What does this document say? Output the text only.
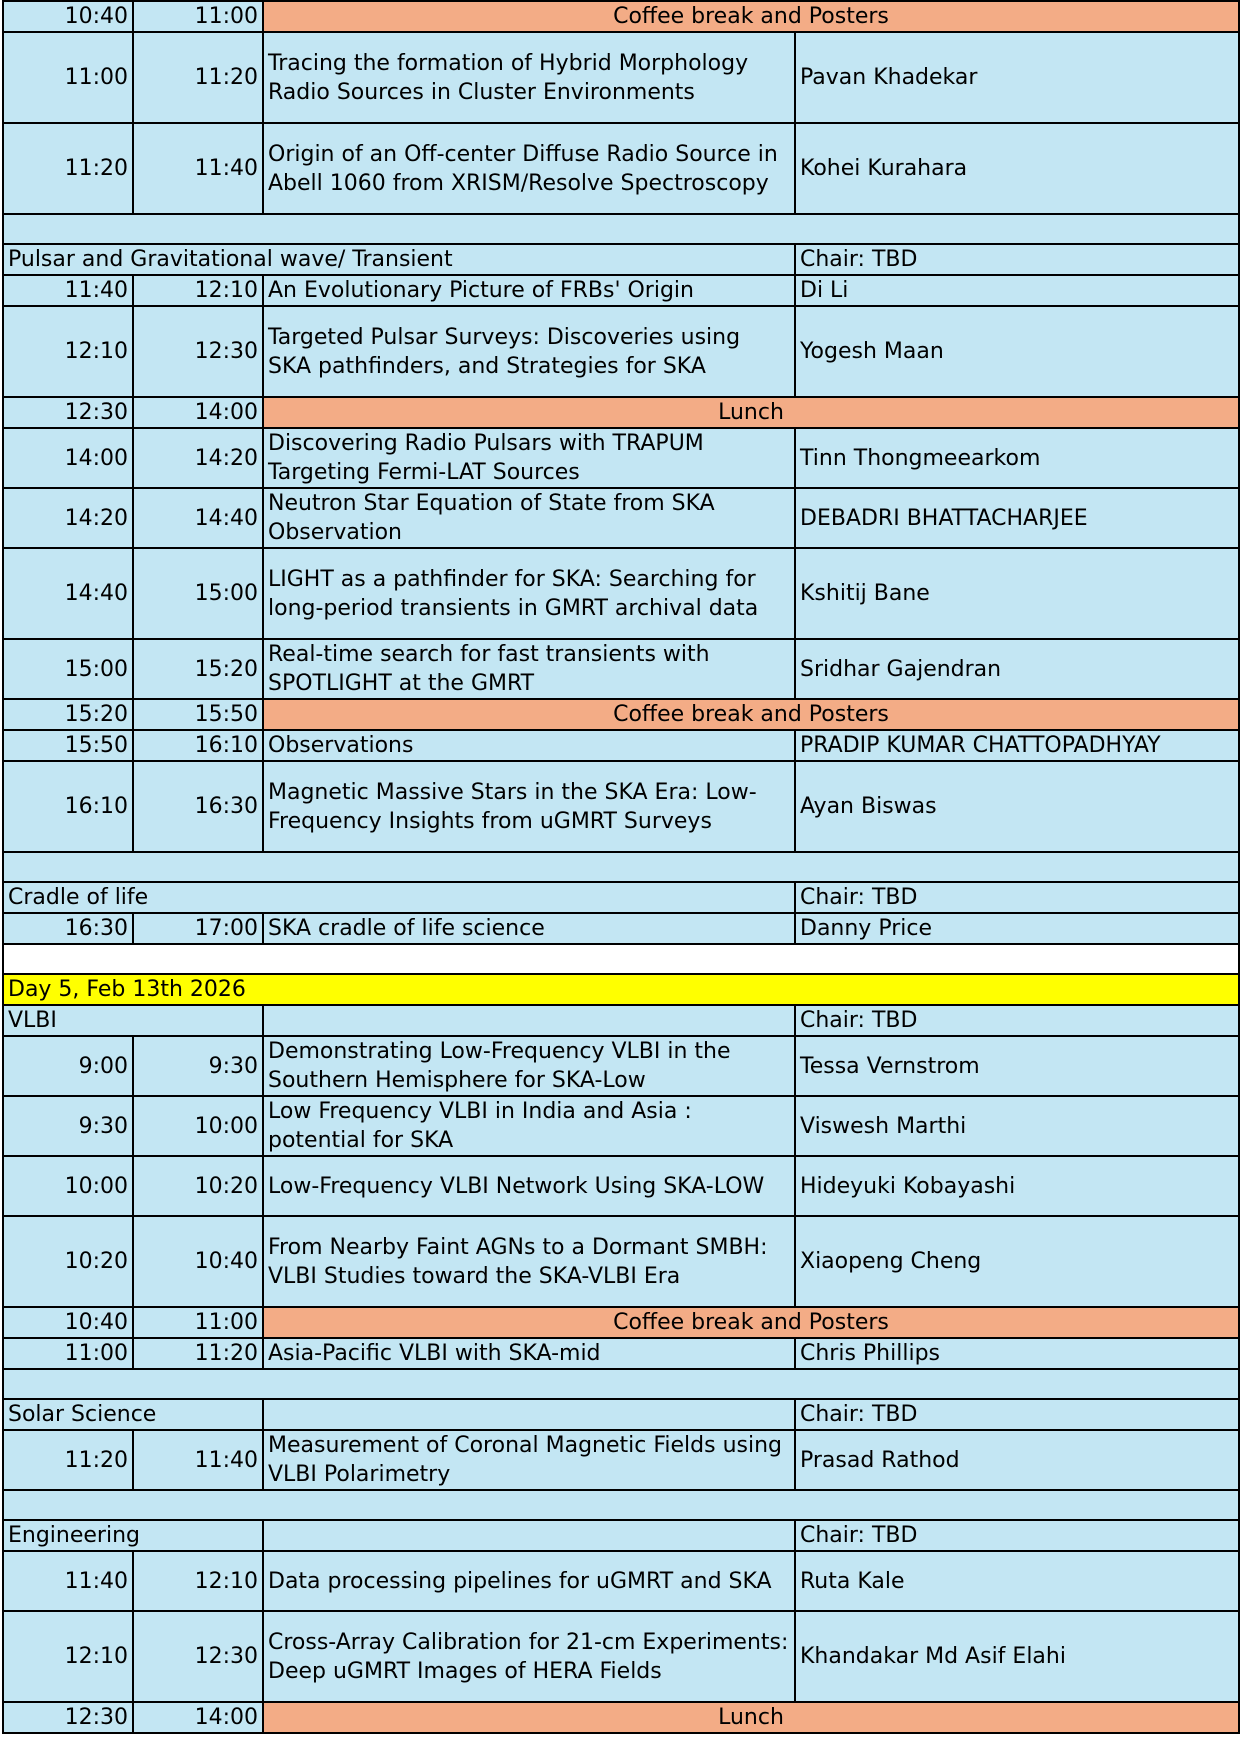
10:40	11:00	Coffee break and Posters	
11:00	11:20	Tracing the formation of Hybrid Morphology Radio Sources in Cluster Environments	Pavan Khadekar
11:20	11:40	Origin of an Off-center Diffuse Radio Source in Abell 1060 from XRISM/Resolve Spectroscopy	Kohei Kurahara

Pulsar and Gravitational wave/ Transient			Chair: TBD
11:40	12:10	An Evolutionary Picture of FRBs' Origin	Di Li
12:10	12:30	Targeted Pulsar Surveys: Discoveries using SKA pathfinders, and Strategies for SKA	Yogesh Maan
12:30	14:00	Lunch	
14:00	14:20	Discovering Radio Pulsars with TRAPUM Targeting Fermi-LAT Sources	Tinn Thongmeearkom
14:20	14:40	Neutron Star Equation of State from SKA Observation	DEBADRI BHATTACHARJEE
14:40	15:00	LIGHT as a pathfinder for SKA: Searching for long-period transients in GMRT archival data	Kshitij Bane
15:00	15:20	Real-time search for fast transients with SPOTLIGHT at the GMRT	Sridhar Gajendran
15:20	15:50	Coffee break and Posters	
15:50	16:10	Observations	PRADIP KUMAR CHATTOPADHYAY
16:10	16:30	Magnetic Massive Stars in the SKA Era: Low-Frequency Insights from uGMRT Surveys	Ayan Biswas

Cradle of life			Chair: TBD
16:30	17:00	SKA cradle of life science	Danny Price

Day 5, Feb 13th 2026			
VLBI			Chair: TBD
9:00	9:30	Demonstrating Low-Frequency VLBI in the Southern Hemisphere for SKA-Low	Tessa Vernstrom
9:30	10:00	Low Frequency VLBI in India and Asia : potential for SKA	Viswesh Marthi
10:00	10:20	Low-Frequency VLBI Network Using SKA-LOW	Hideyuki Kobayashi
10:20	10:40	From Nearby Faint AGNs to a Dormant SMBH: VLBI Studies toward the SKA-VLBI Era	Xiaopeng Cheng
10:40	11:00	Coffee break and Posters	
11:00	11:20	Asia-Pacific VLBI with SKA-mid	Chris Phillips

Solar Science			Chair: TBD
11:20	11:40	Measurement of Coronal Magnetic Fields using VLBI Polarimetry	Prasad Rathod

Engineering			Chair: TBD
11:40	12:10	Data processing pipelines for uGMRT and SKA	Ruta Kale
12:10	12:30	Cross-Array Calibration for 21-cm Experiments: Deep uGMRT Images of HERA Fields	Khandakar Md Asif Elahi
12:30	14:00	Lunch	
